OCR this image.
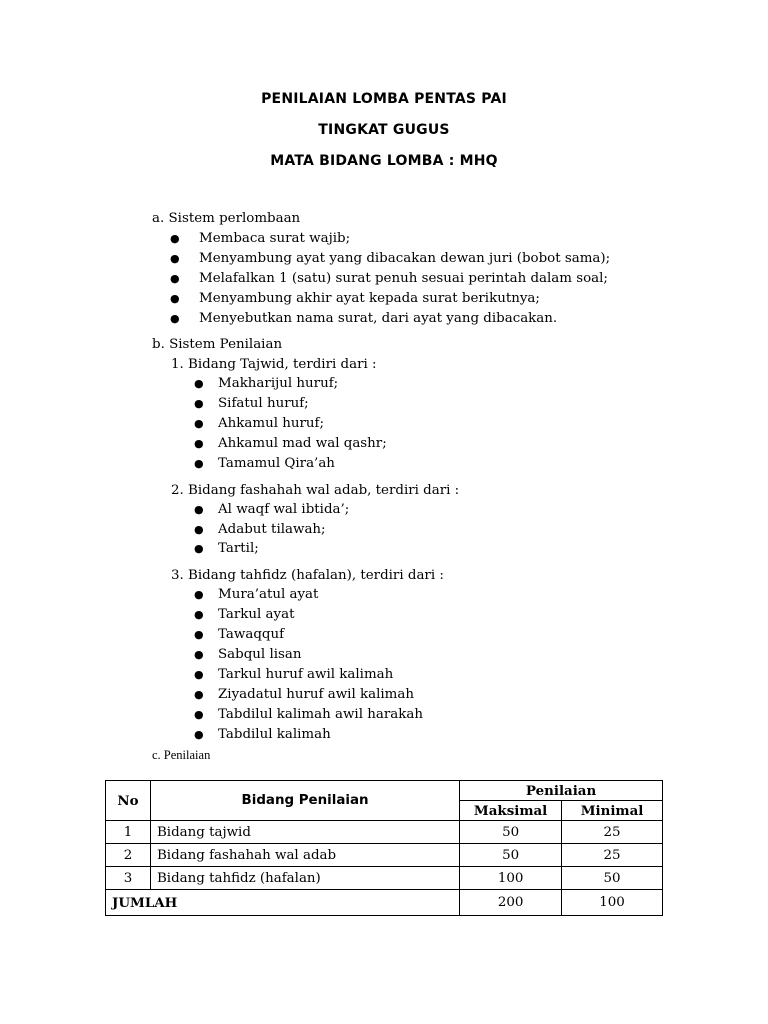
PENILAIAN LOMBA PENTAS PAI
TINGKAT GUGUS
MATA BIDANG LOMBA : MHQ
a. Sistem perlombaan
● Membaca surat wajib;
● Menyambung ayat yang dibacakan dewan juri (bobot sama);
● Melafalkan 1 (satu) surat penuh sesuai perintah dalam soal;
● Menyambung akhir ayat kepada surat berikutnya;
● Menyebutkan nama surat, dari ayat yang dibacakan.
b. Sistem Penilaian
1. Bidang Tajwid, terdiri dari :
● Makharijul huruf;
● Sifatul huruf;
● Ahkamul huruf;
● Ahkamul mad wal qashr;
● Tamamul Qira’ah
2. Bidang fashahah wal adab, terdiri dari :
● Al waqf wal ibtida’;
● Adabut tilawah;
● Tartil;
3. Bidang tahfidz (hafalan), terdiri dari :
● Mura’atul ayat
● Tarkul ayat
● Tawaqquf
● Sabqul lisan
● Tarkul huruf awil kalimah
● Ziyadatul huruf awil kalimah
● Tabdilul kalimah awil harakah
● Tabdilul kalimah
c. Penilaian
No	Bidang Penilaian	Penilaian	
		Maksimal	Minimal
1	Bidang tajwid	50	25
2	Bidang fashahah wal adab	50	25
3	Bidang tahfidz (hafalan)	100	50
JUMLAH		200	100
